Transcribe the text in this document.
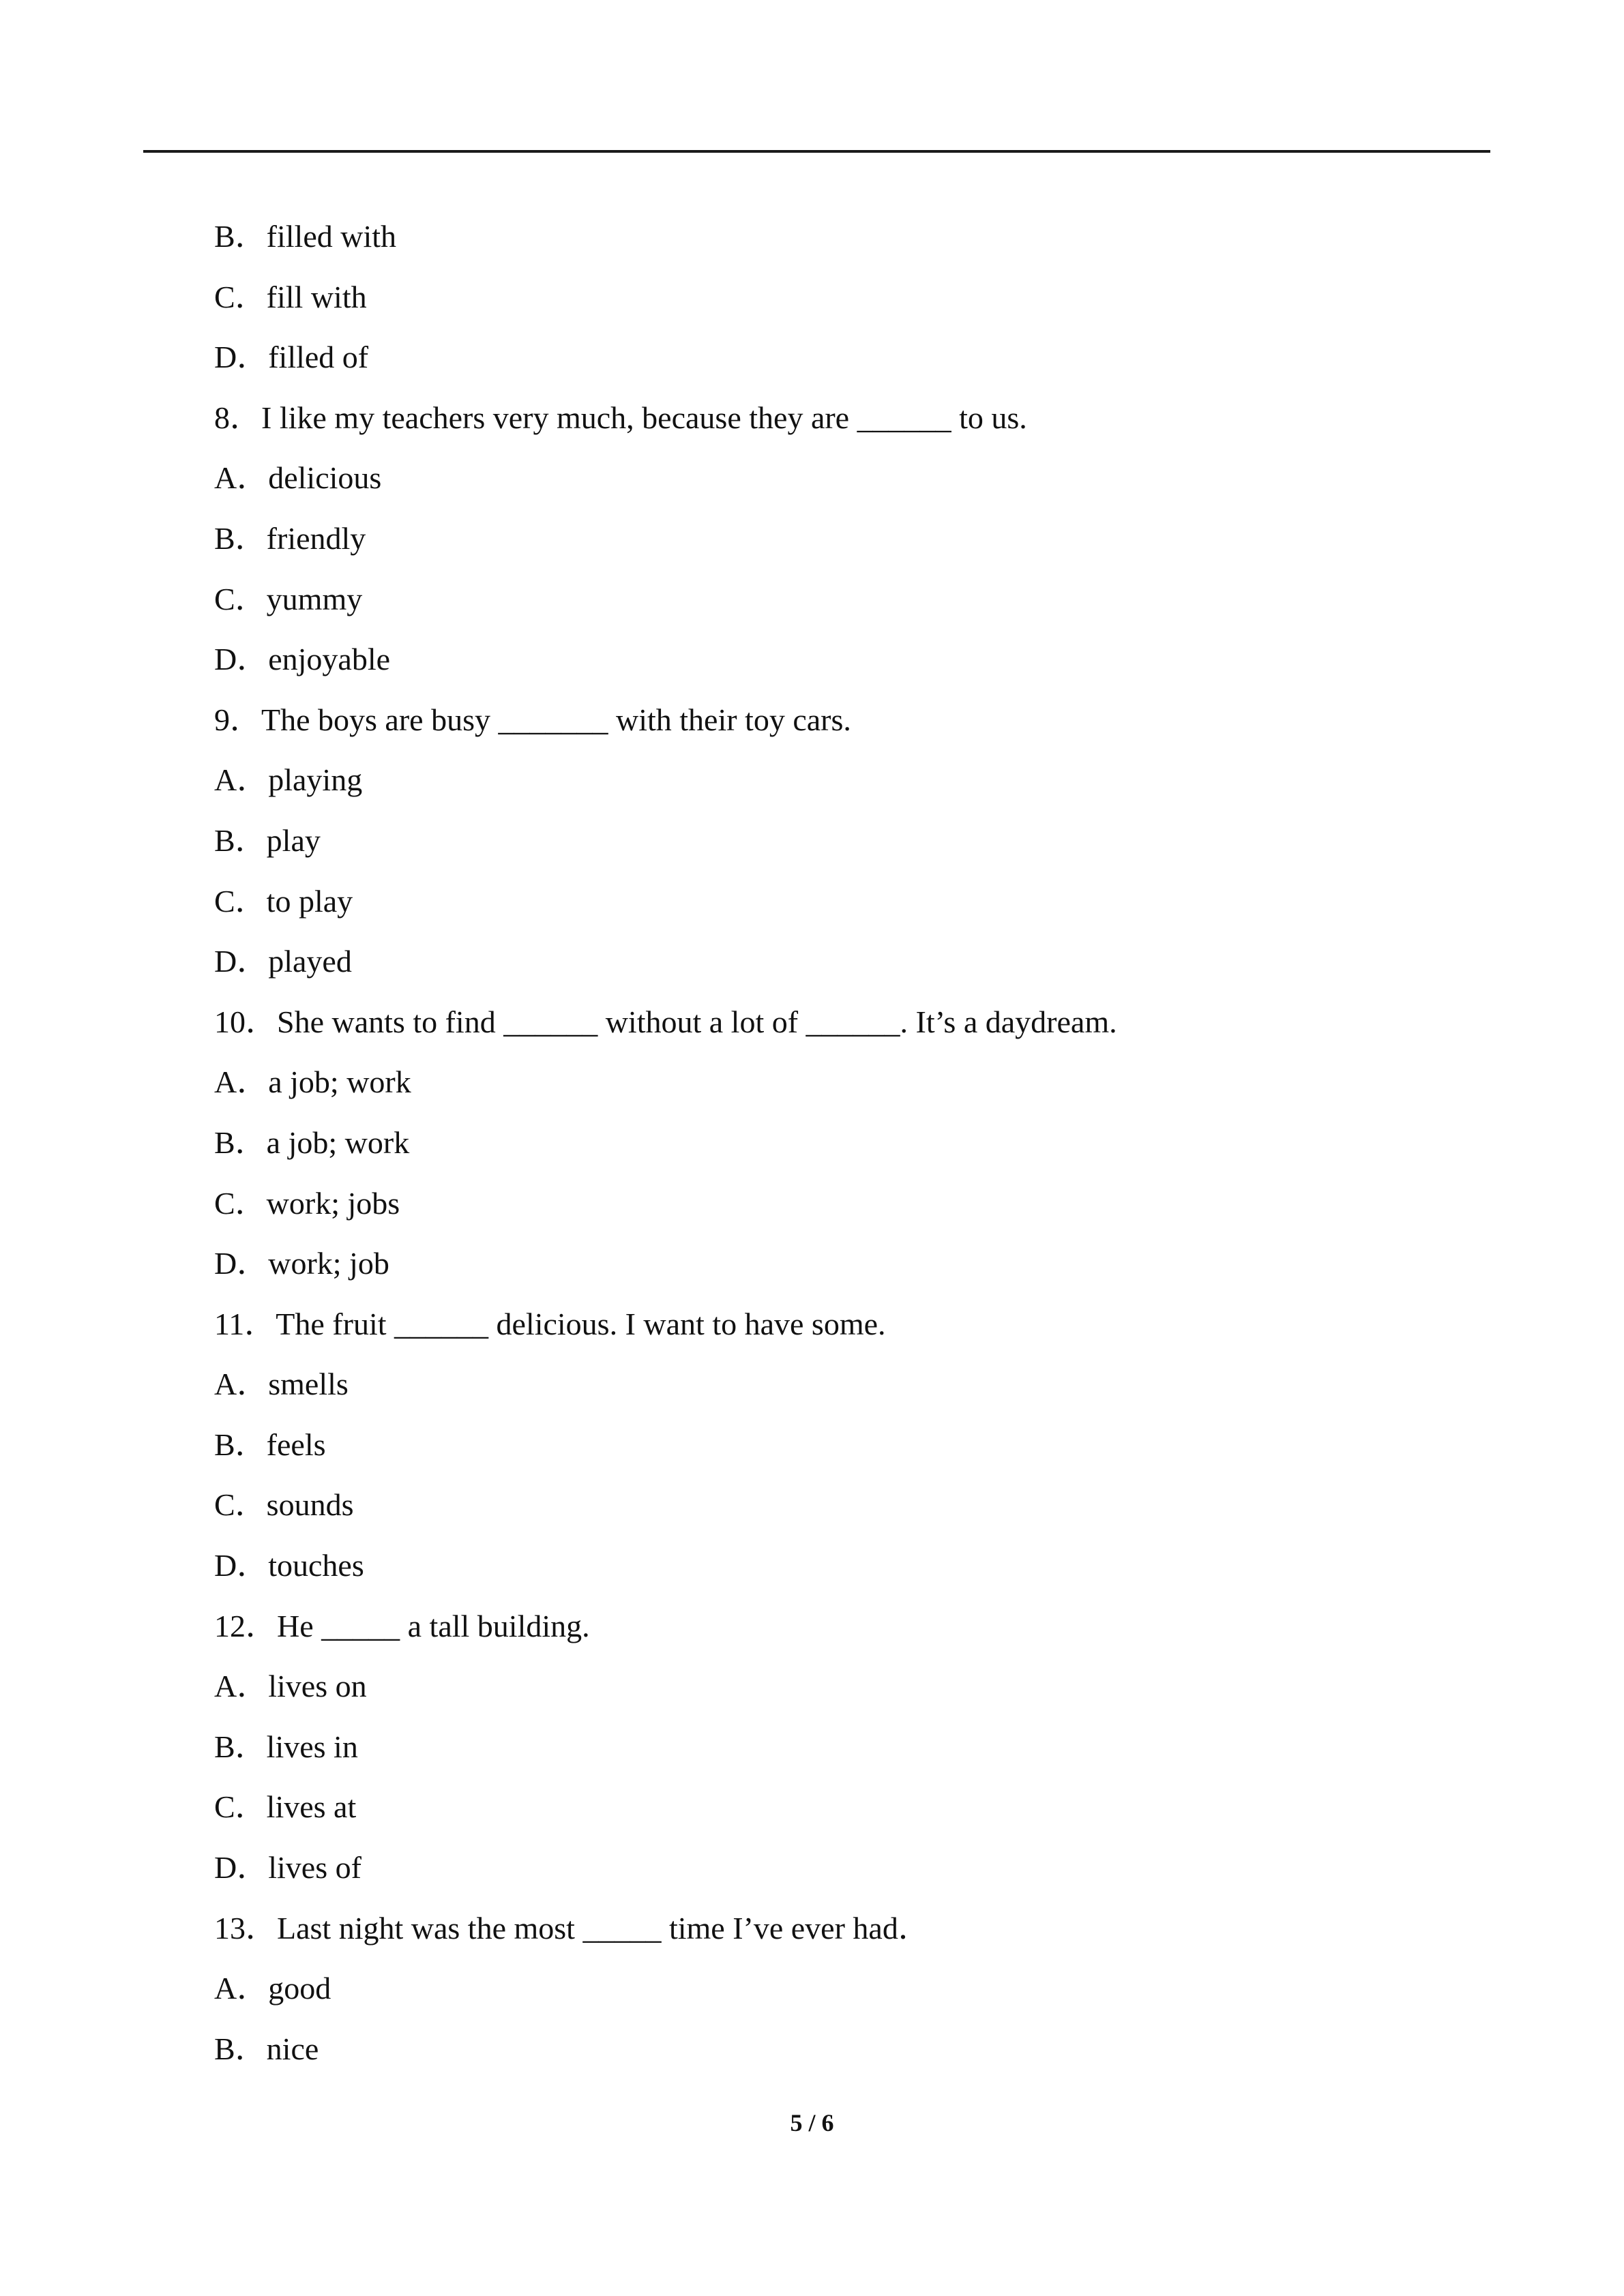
B．filled with
C．fill with
D．filled of
8．I like my teachers very much, because they are ______ to us.
A．delicious
B．friendly
C．yummy
D．enjoyable
9．The boys are busy _______ with their toy cars.
A．playing
B．play
C．to play
D．played
10．She wants to find ______ without a lot of ______. It’s a daydream.
A．a job; work
B．a job; work
C．work; jobs
D．work; job
11．The fruit ______ delicious. I want to have some.
A．smells
B．feels
C．sounds
D．touches
12．He _____ a tall building.
A．lives on
B．lives in
C．lives at
D．lives of
13．Last night was the most _____ time I’ve ever had．
A．good
B．nice
5 / 6
